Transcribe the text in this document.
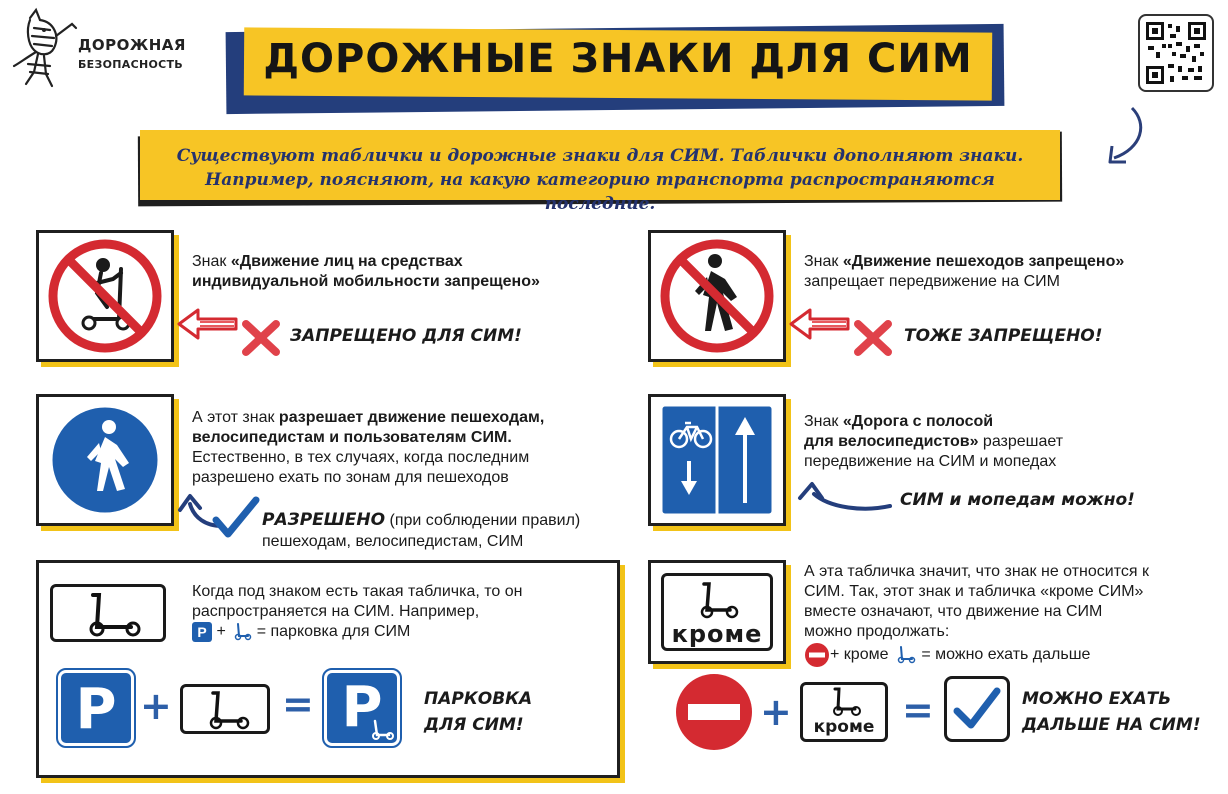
ДОРОЖНАЯ
БЕЗОПАСНОСТЬ	ДОРОЖНЫЕ ЗНАКИ ДЛЯ СИМ
Существуют таблички и дорожные знаки для СИМ. Таблички дополняют знаки.
Например, поясняют, на какую категорию транспорта распространяются последние.
Знак «Движение лиц на средствах
индивидуальной мобильности запрещено»
ЗАПРЕЩЕНО ДЛЯ СИМ!
А этот знак разрешает движение пешеходам,
велосипедистам и пользователям СИМ.
Естественно, в тех случаях, когда последним
разрешено ехать по зонам для пешеходов
РАЗРЕШЕНО (при соблюдении правил)
пешеходам, велосипедистам, СИМ
Когда под знаком есть такая табличка, то он
распространяется на СИМ. Например,
P +  = парковка для СИМ
P +	= P	ПАРКОВКА
ДЛЯ СИМ!
Знак «Движение пешеходов запрещено»
запрещает передвижение на СИМ
ТОЖЕ ЗАПРЕЩЕНО!
Знак «Дорога с полосой
для велосипедистов» разрешает
передвижение на СИМ и мопедах
СИМ и мопедам можно!
кроме
А эта табличка значит, что знак не относится к
СИМ. Так, этот знак и табличка «кроме СИМ»
вместе означают, что движение на СИМ
можно продолжать:
+ кроме  = можно ехать дальше
+	кроме =	МОЖНО ЕХАТЬ
ДАЛЬШЕ НА СИМ!
